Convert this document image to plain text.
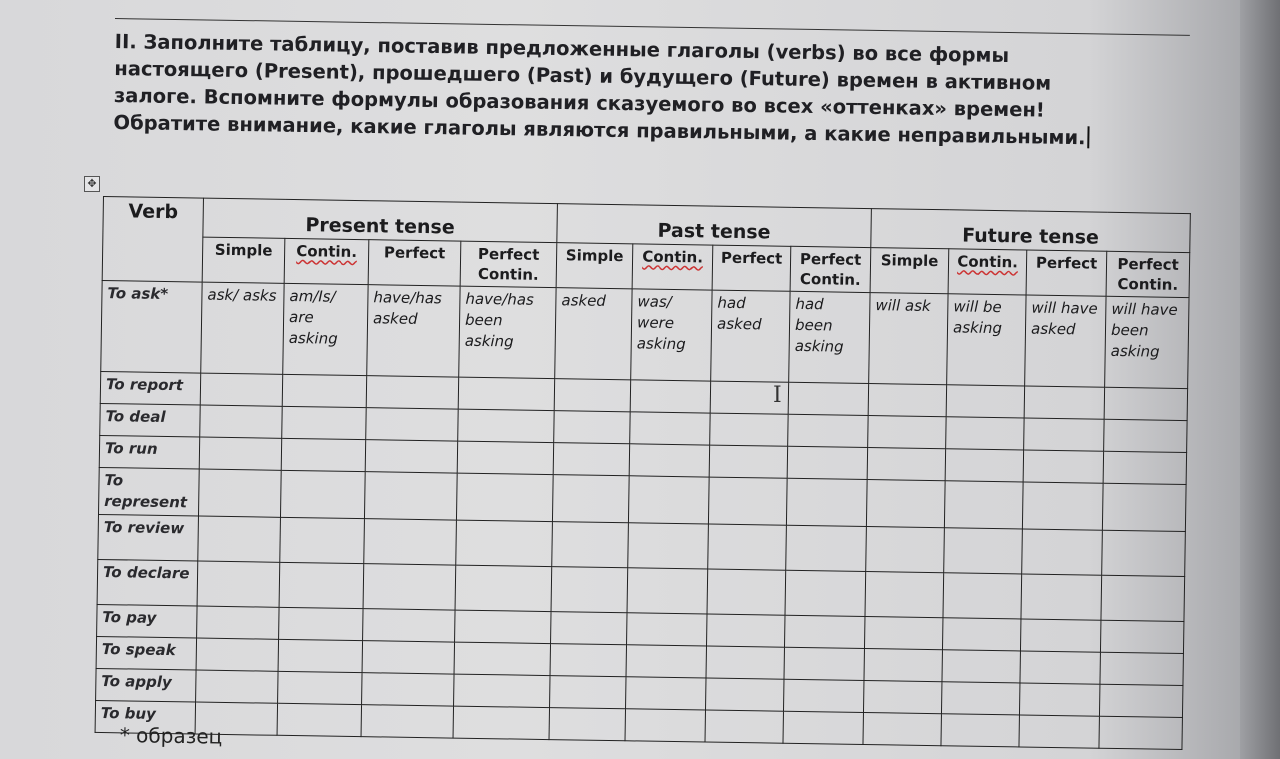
II. Заполните таблицу, поставив предложенные глаголы (verbs) во все формы настоящего (Present), прошедшего (Past) и будущего (Future) времен в активном залоге. Вспомните формулы образования сказуемого во всех «оттенках» времен! Обратите внимание, какие глаголы являются правильными, а какие неправильными.
✥
Verb	Present tense				Past tense				Future tense			
	Simple	Contin.	Perfect	Perfect Contin.	Simple	Contin.	Perfect	Perfect Contin.	Simple	Contin.	Perfect	Perfect Contin.
To ask*	ask/ asks	am/Is/ are asking	have/has asked	have/has been asking	asked	was/ were asking	had asked	had been asking	will ask	will be asking	will have asked	will have been asking
To report												
To deal												
To run												
To represent												
To review												
To declare												
To pay												
To speak												
To apply												
To buy												
I
* образец
